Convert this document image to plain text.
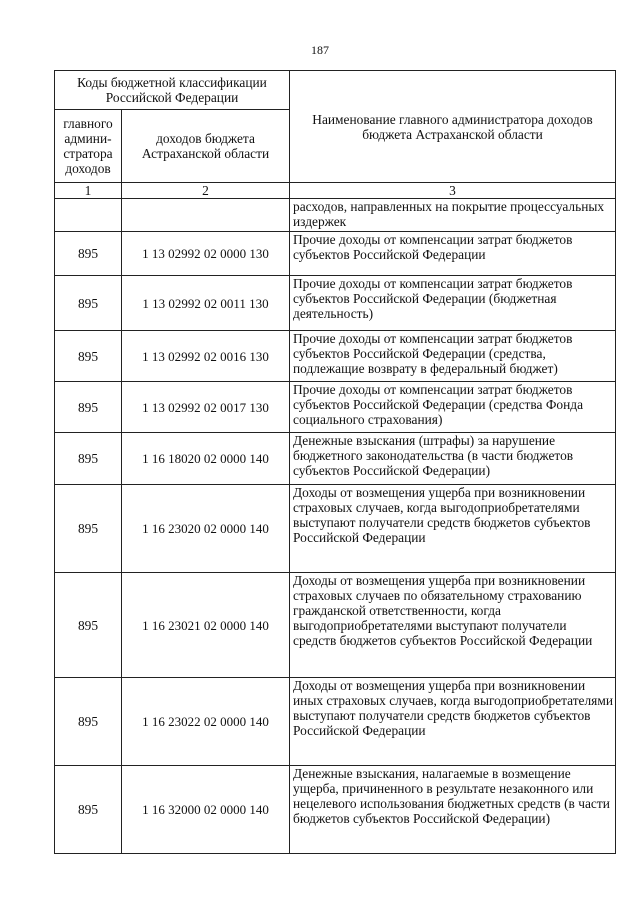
187
Коды бюджетной классификации Российской Федерации		Наименование главного администратора доходов бюджета Астраханской области
главного админи-стратора доходов	доходов бюджета Астраханской области	
1	2	3
		расходов, направленных на покрытие процессуальных издержек
895	1 13 02992 02 0000 130	Прочие доходы от компенсации затрат бюджетов субъектов Российской Федерации
895	1 13 02992 02 0011 130	Прочие доходы от компенсации затрат бюджетов субъектов Российской Федерации (бюджетная деятельность)
895	1 13 02992 02 0016 130	Прочие доходы от компенсации затрат бюджетов субъектов Российской Федерации (средства, подлежащие возврату в федеральный бюджет)
895	1 13 02992 02 0017 130	Прочие доходы от компенсации затрат бюджетов субъектов Российской Федерации (средства Фонда социального страхования)
895	1 16 18020 02 0000 140	Денежные взыскания (штрафы) за нарушение бюджетного законодательства (в части бюджетов субъектов Российской Федерации)
895	1 16 23020 02 0000 140	Доходы от возмещения ущерба при возникновении страховых случаев, когда выгодоприобретателями выступают получатели средств бюджетов субъектов Российской Федерации
895	1 16 23021 02 0000 140	Доходы от возмещения ущерба при возникновении страховых случаев по обязательному страхованию гражданской ответственности, когда выгодоприобретателями выступают получатели средств бюджетов субъектов Российской Федерации
895	1 16 23022 02 0000 140	Доходы от возмещения ущерба при возникновении иных страховых случаев, когда выгодоприобретателями выступают получатели средств бюджетов субъектов Российской Федерации
895	1 16 32000 02 0000 140	Денежные взыскания, налагаемые в возмещение ущерба, причиненного в результате незаконного или нецелевого использования бюджетных средств (в части бюджетов субъектов Российской Федерации)
